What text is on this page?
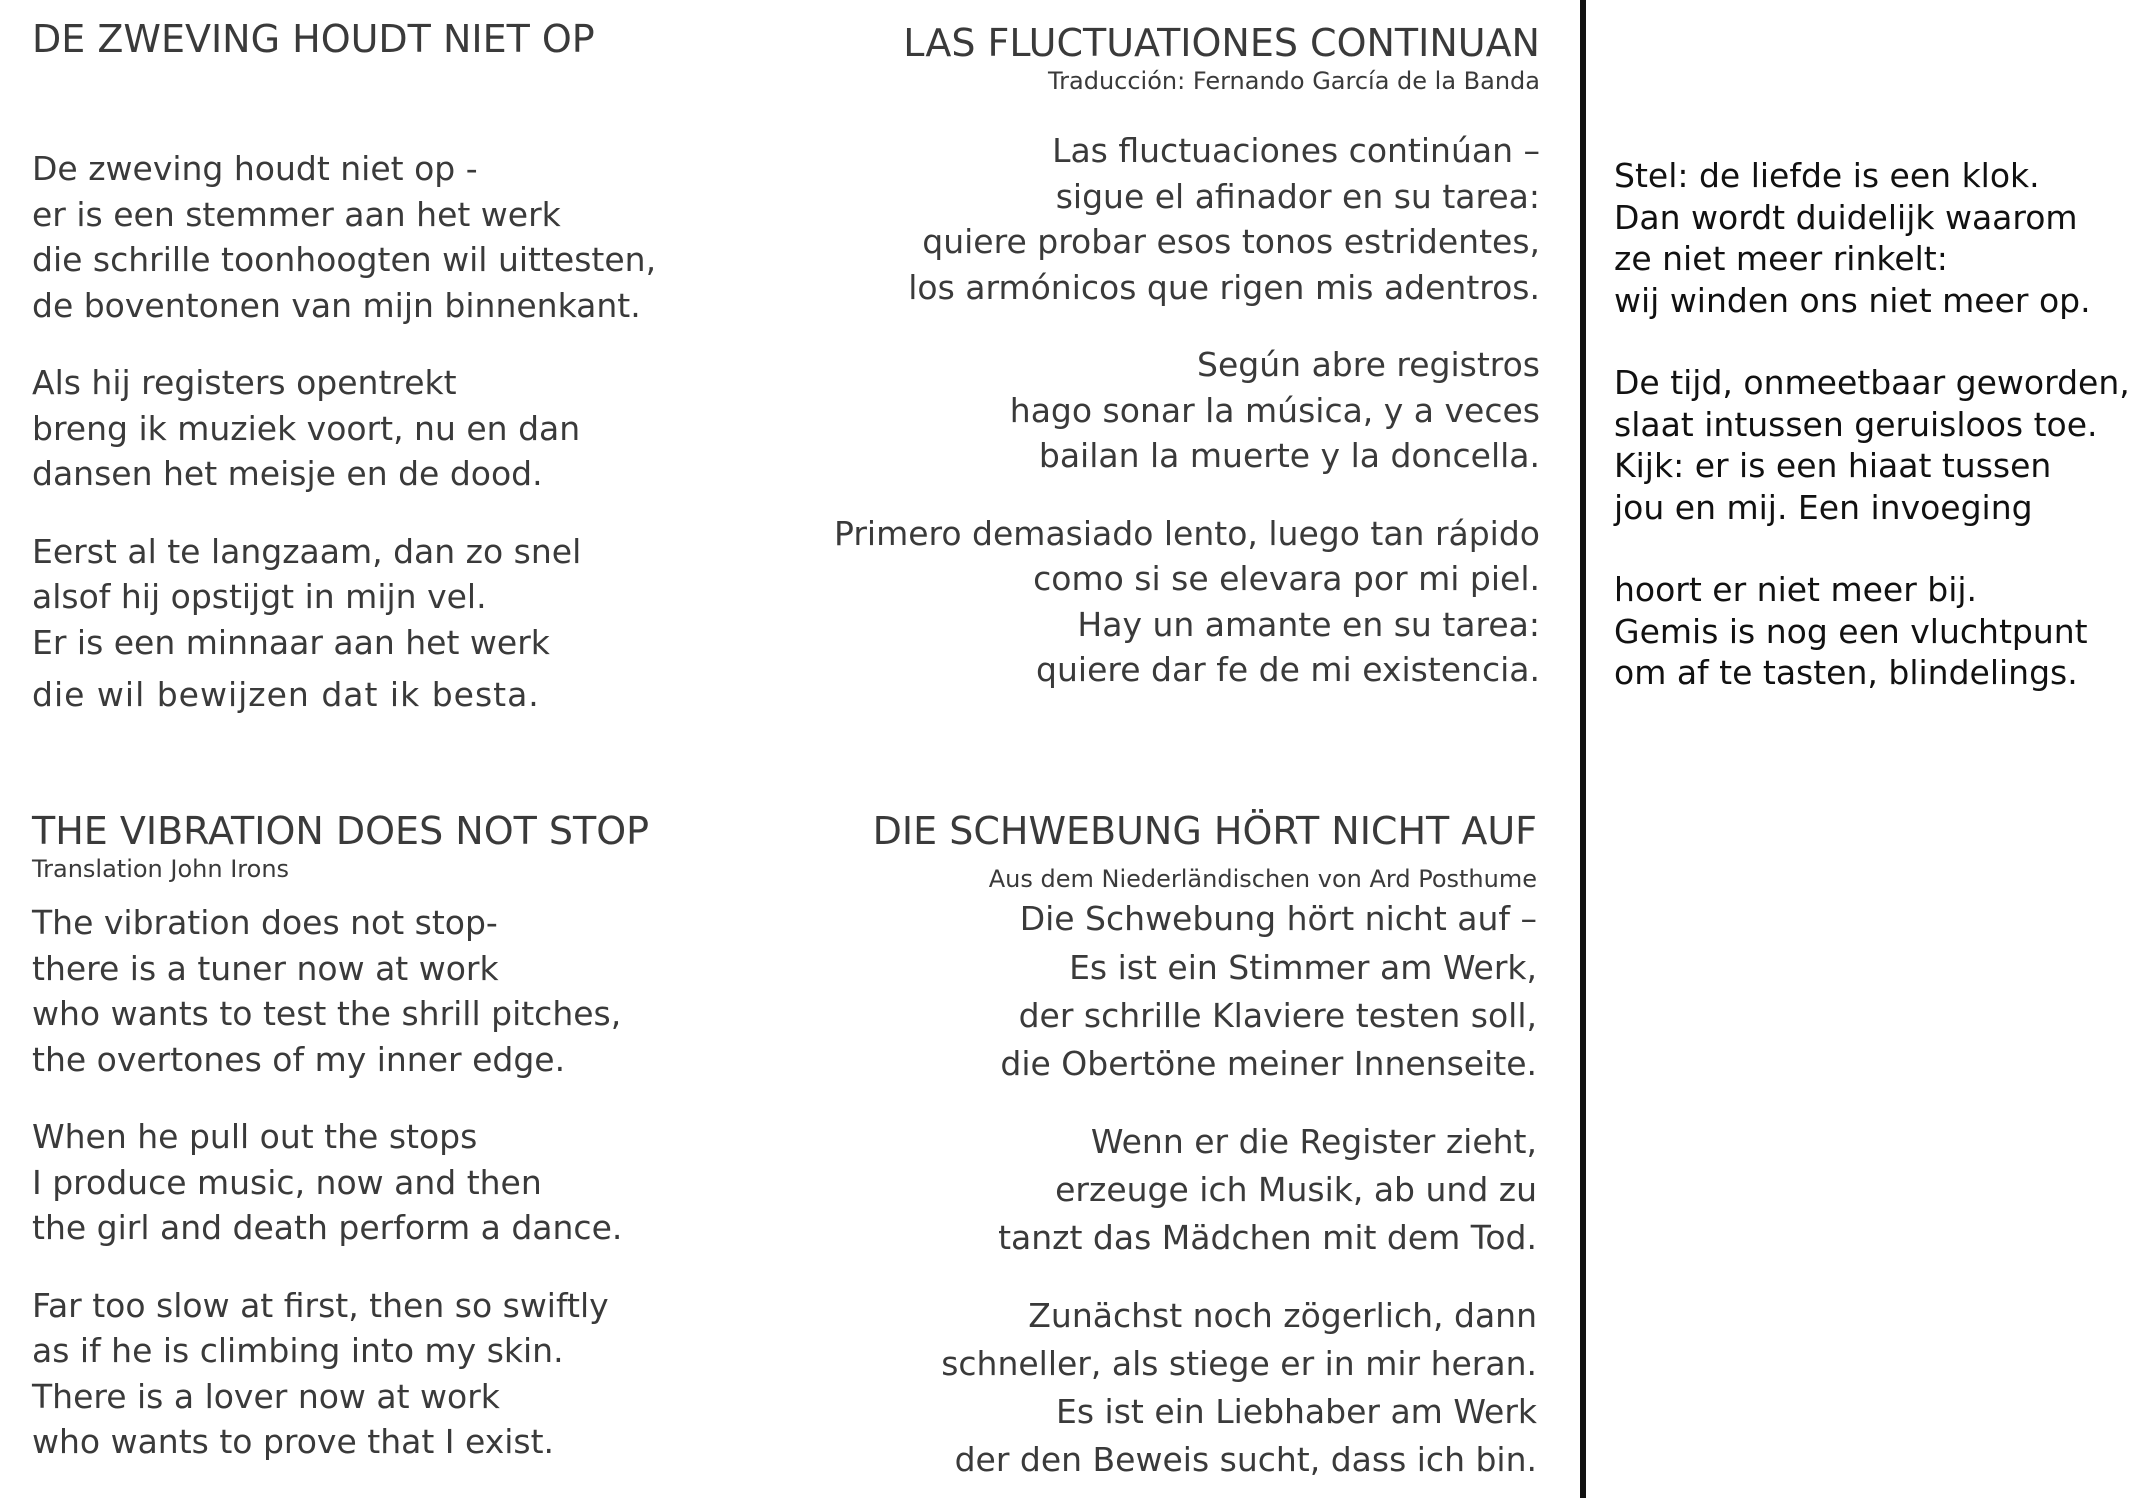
DE ZWEVING HOUDT NIET OP
De zweving houdt niet op -
er is een stemmer aan het werk
die schrille toonhoogten wil uittesten,
de boventonen van mijn binnenkant.
Als hij registers opentrekt
breng ik muziek voort, nu en dan
dansen het meisje en de dood.
Eerst al te langzaam, dan zo snel
alsof hij opstijgt in mijn vel.
Er is een minnaar aan het werk
die wil bewijzen dat ik besta.
LAS FLUCTUATIONES CONTINUAN

Traducción: Fernando García de la Banda

Las fluctuaciones continúan –
sigue el afinador en su tarea:
quiere probar esos tonos estridentes,
los armónicos que rigen mis adentros.
Según abre registros
hago sonar la música, y a veces
bailan la muerte y la doncella.
Primero demasiado lento, luego tan rápido
como si se elevara por mi piel.
Hay un amante en su tarea:
quiere dar fe de mi existencia.
THE VIBRATION DOES NOT STOP

Translation John Irons

The vibration does not stop-
there is a tuner now at work
who wants to test the shrill pitches,
the overtones of my inner edge.
When he pull out the stops
I produce music, now and then
the girl and death perform a dance.
Far too slow at first, then so swiftly
as if he is climbing into my skin.
There is a lover now at work
who wants to prove that I exist.
DIE SCHWEBUNG HÖRT NICHT AUF

Aus dem Niederländischen von Ard Posthume

Die Schwebung hört nicht auf –
Es ist ein Stimmer am Werk,
der schrille Klaviere testen soll,
die Obertöne meiner Innenseite.
Wenn er die Register zieht,
erzeuge ich Musik, ab und zu
tanzt das Mädchen mit dem Tod.
Zunächst noch zögerlich, dann
schneller, als stiege er in mir heran.
Es ist ein Liebhaber am Werk
der den Beweis sucht, dass ich bin.
Stel: de liefde is een klok.
Dan wordt duidelijk waarom
ze niet meer rinkelt:
wij winden ons niet meer op.
De tijd, onmeetbaar geworden,
slaat intussen geruisloos toe.
Kijk: er is een hiaat tussen
jou en mij. Een invoeging
hoort er niet meer bij.
Gemis is nog een vluchtpunt
om af te tasten, blindelings.
